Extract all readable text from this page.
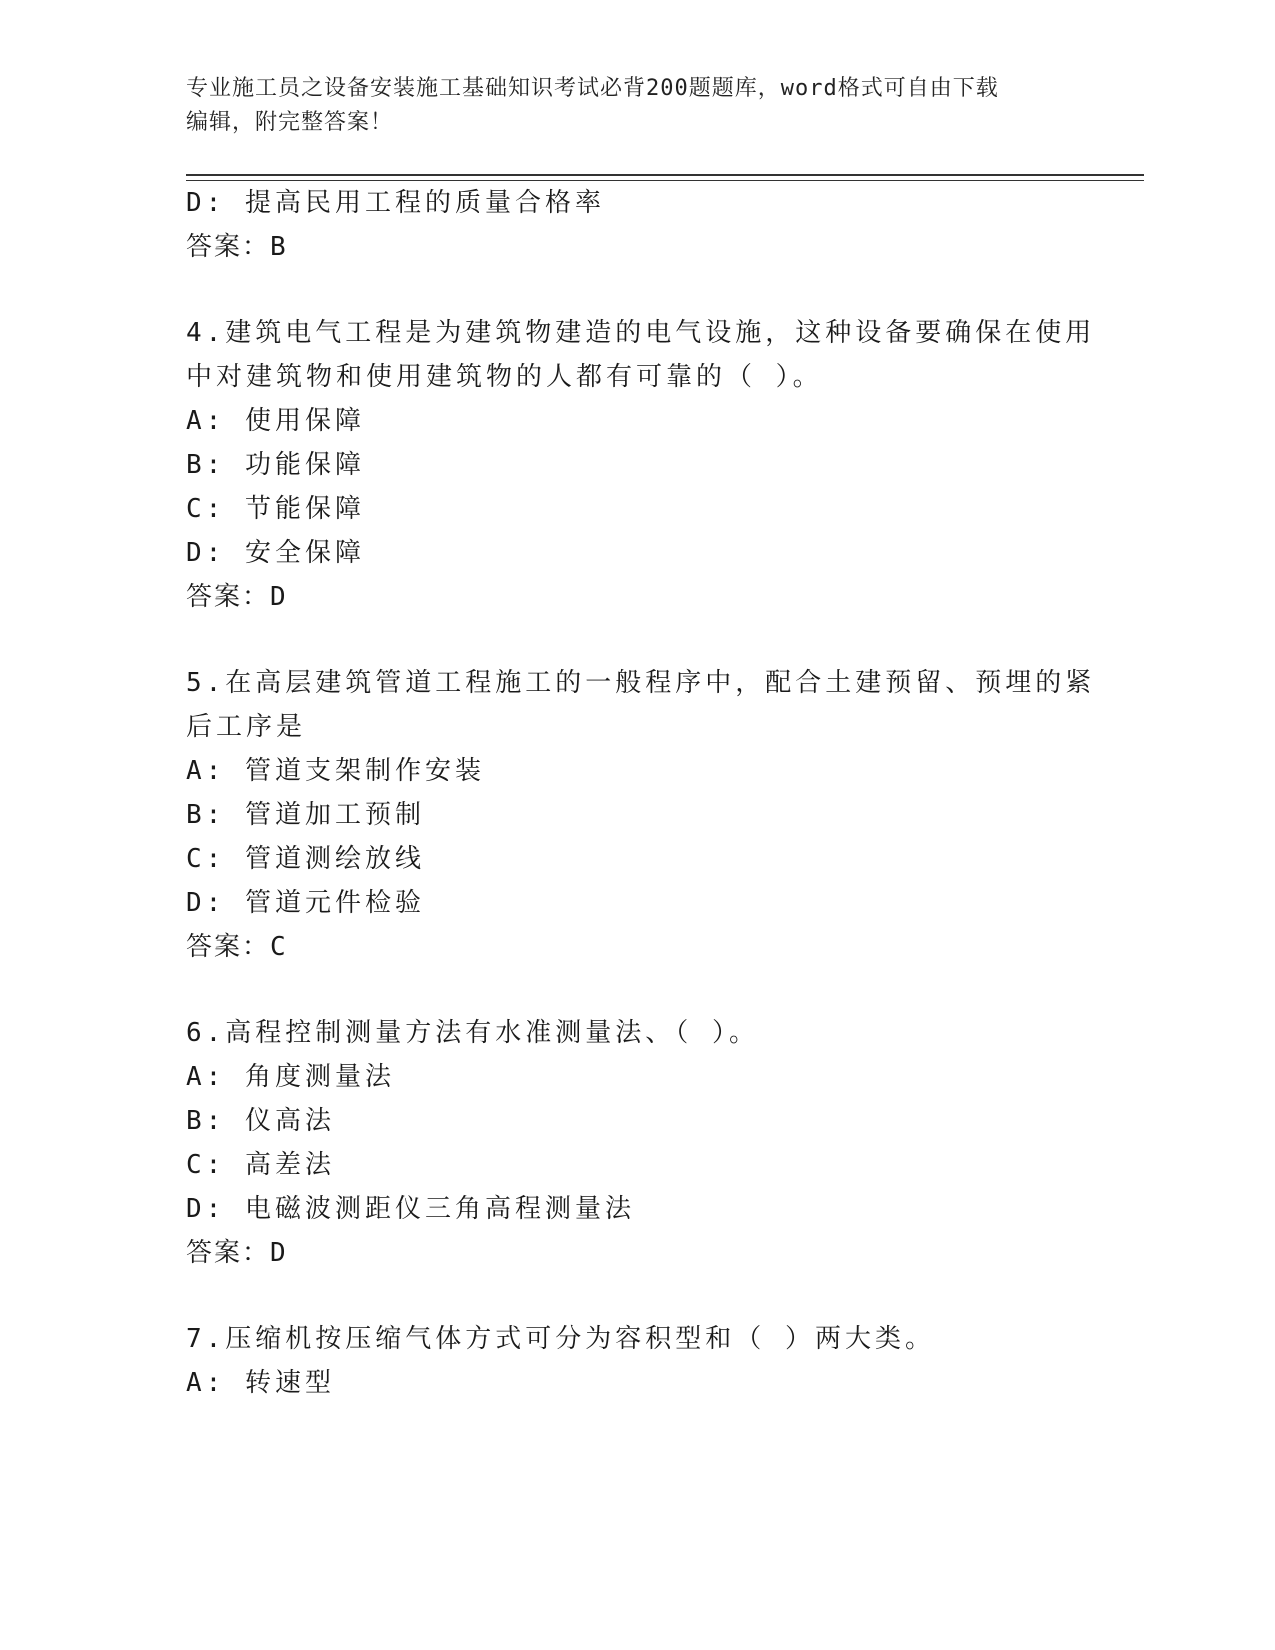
专业施工员之设备安装施工基础知识考试必背200题题库，word格式可自由下载
编辑，附完整答案！
D: 提高民用工程的质量合格率
答案：B
4.建筑电气工程是为建筑物建造的电气设施，这种设备要确保在使用
中对建筑物和使用建筑物的人都有可靠的（ ）。
A: 使用保障
B: 功能保障
C: 节能保障
D: 安全保障
答案：D
5.在高层建筑管道工程施工的一般程序中，配合土建预留、预埋的紧
后工序是
A: 管道支架制作安装
B: 管道加工预制
C: 管道测绘放线
D: 管道元件检验
答案：C
6.高程控制测量方法有水准测量法、（ ）。
A: 角度测量法
B: 仪高法
C: 高差法
D: 电磁波测距仪三角高程测量法
答案：D
7.压缩机按压缩气体方式可分为容积型和（ ）两大类。
A: 转速型
